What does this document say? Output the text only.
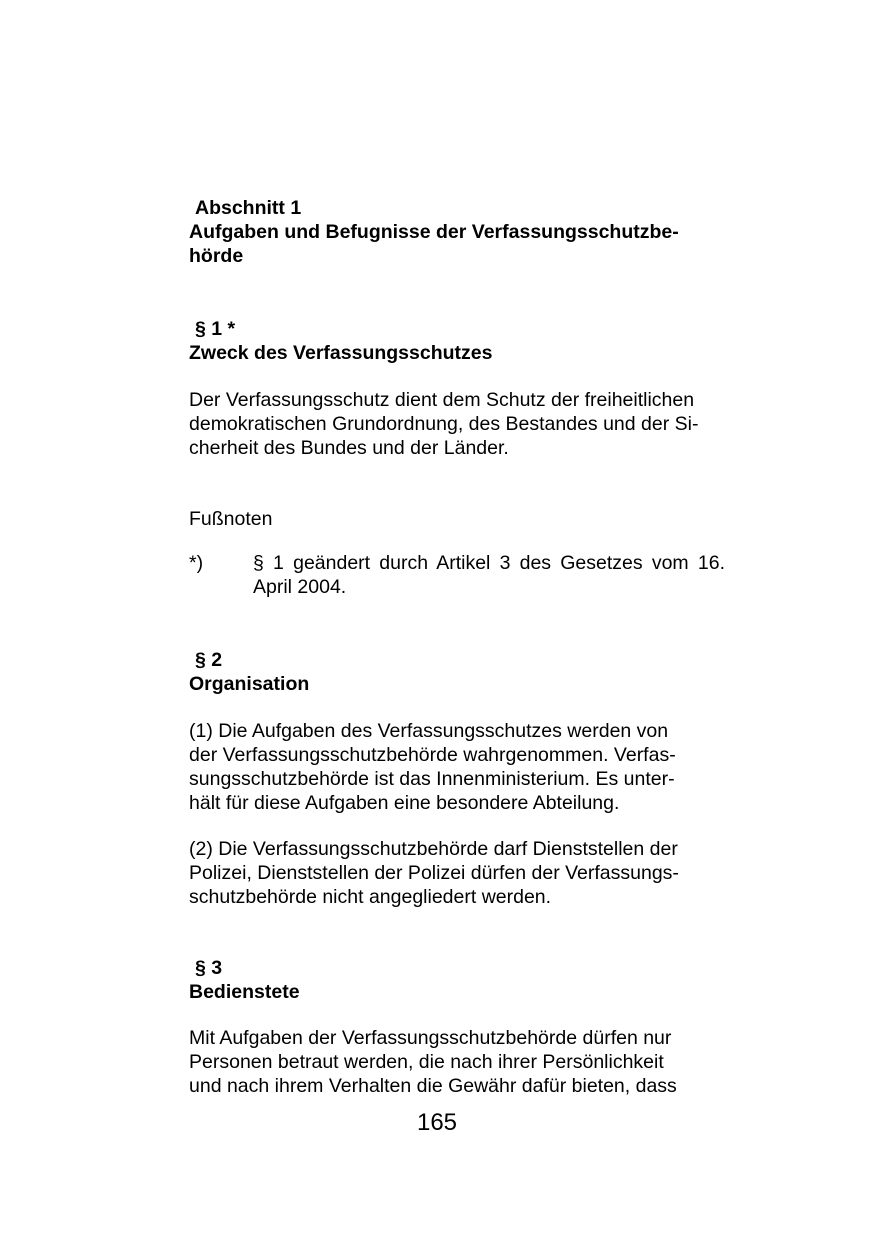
Abschnitt 1
Aufgaben und Befugnisse der Verfassungsschutzbe-
hörde
§ 1 *
Zweck des Verfassungsschutzes
Der Verfassungsschutz dient dem Schutz der freiheitlichen
demokratischen Grundordnung, des Bestandes und der Si-
cherheit des Bundes und der Länder.
Fußnoten
*)	§ 1 geändert durch Artikel 3 des Gesetzes vom 16. April 2004.
§ 2
Organisation
(1) Die Aufgaben des Verfassungsschutzes werden von
der Verfassungsschutzbehörde wahrgenommen. Verfas-
sungsschutzbehörde ist das Innenministerium. Es unter-
hält für diese Aufgaben eine besondere Abteilung.
(2) Die Verfassungsschutzbehörde darf Dienststellen der
Polizei, Dienststellen der Polizei dürfen der Verfassungs-
schutzbehörde nicht angegliedert werden.
§ 3
Bedienstete
Mit Aufgaben der Verfassungsschutzbehörde dürfen nur
Personen betraut werden, die nach ihrer Persönlichkeit
und nach ihrem Verhalten die Gewähr dafür bieten, dass
165
